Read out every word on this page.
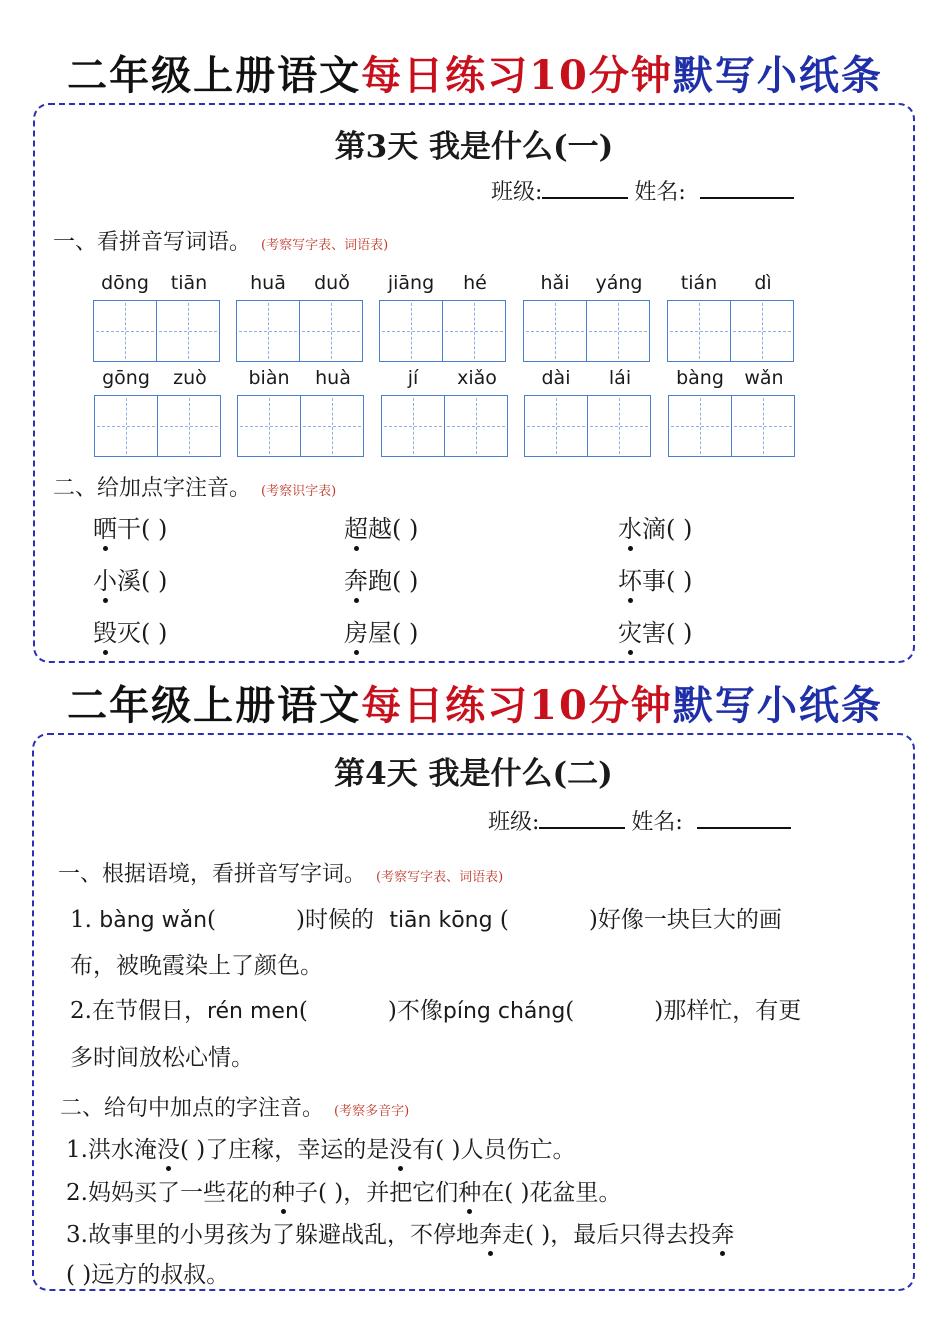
二年级上册语文每日练习10分钟默写小纸条
第3天 我是什么(一)
班级:	姓名:
一、看拼音写词语。 (考察写字表、词语表)
dōng	tiān	huā	duǒ	jiāng	hé	hǎi	yáng	tián	dì
gōng	zuò	biàn	huà	jí	xiǎo	dài	lái	bàng	wǎn
二、给加点字注音。 (考察识字表)
晒干( )	超越( )	水滴( )
小溪( )	奔跑( )	坏事( )
毁灭( )	房屋( )	灾害( )
二年级上册语文每日练习10分钟默写小纸条
第4天 我是什么(二)
班级:	姓名:
一、根据语境，看拼音写字词。 (考察写字表、词语表)
1. bàng wǎn(	)时候的 tiān kōng (	)好像一块巨大的画
布，被晚霞染上了颜色。
2.在节假日，rén men(	)不像píng cháng(	)那样忙，有更
多时间放松心情。
二、给句中加点的字注音。 (考察多音字)
1.洪水淹没( )了庄稼，幸运的是没有( )人员伤亡。
2.妈妈买了一些花的种子( )，并把它们种在( )花盆里。
3.故事里的小男孩为了躲避战乱，不停地奔走( )，最后只得去投奔
( )远方的叔叔。
